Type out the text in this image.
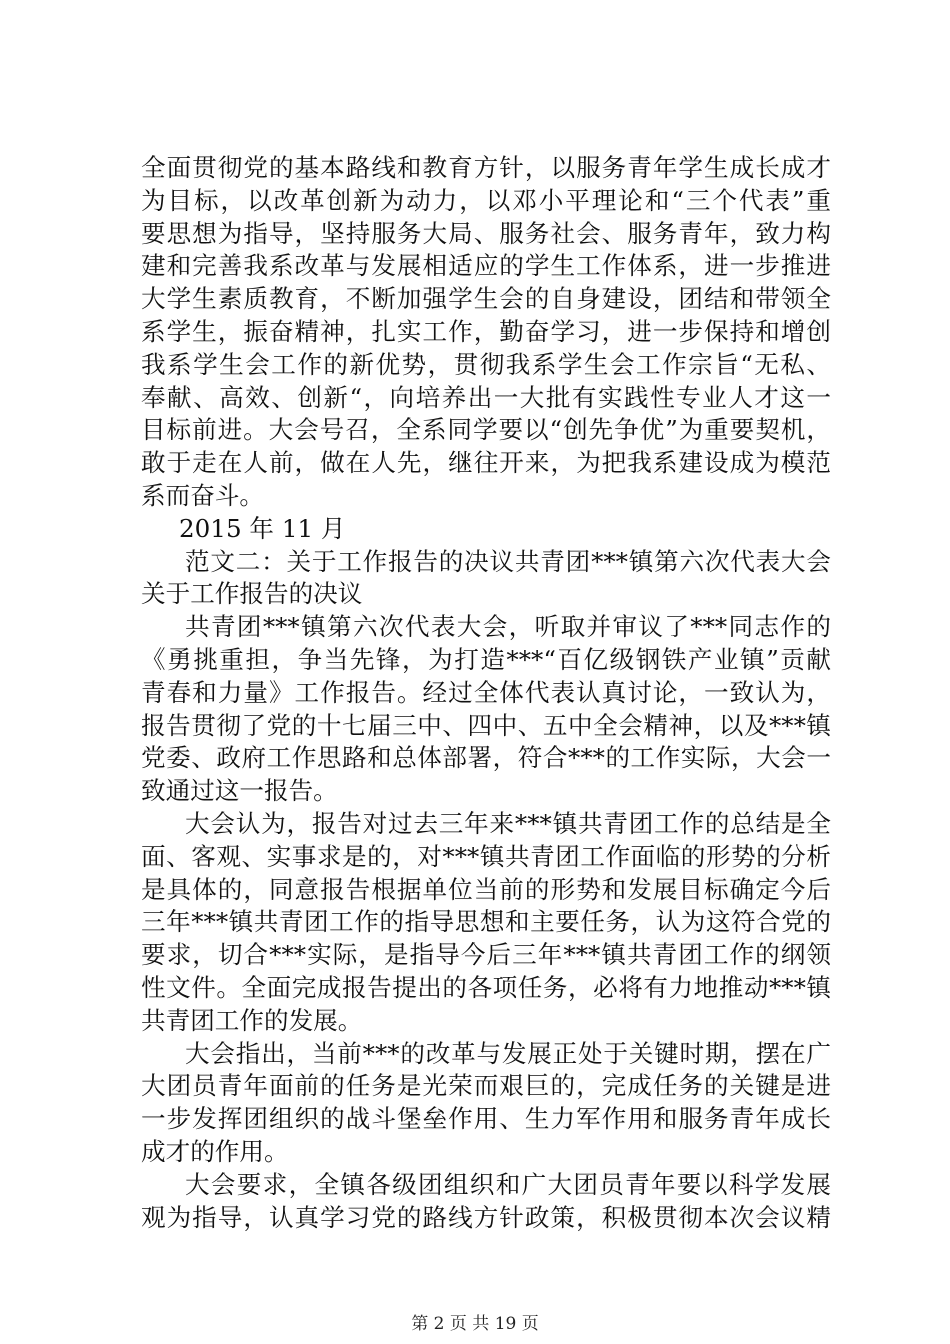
全面贯彻党的基本路线和教育方针，以服务青年学生成长成才
为目标，以改革创新为动力，以邓小平理论和“三个代表”重
要思想为指导，坚持服务大局、服务社会、服务青年，致力构
建和完善我系改革与发展相适应的学生工作体系，进一步推进
大学生素质教育，不断加强学生会的自身建设，团结和带领全
系学生，振奋精神，扎实工作，勤奋学习，进一步保持和增创
我系学生会工作的新优势，贯彻我系学生会工作宗旨“无私、
奉献、高效、创新“，向培养出一大批有实践性专业人才这一
目标前进。大会号召，全系同学要以“创先争优”为重要契机，
敢于走在人前，做在人先，继往开来，为把我系建设成为模范
系而奋斗。
2015 年 11 月
范文二：关于工作报告的决议共青团***镇第六次代表大会
关于工作报告的决议
共青团***镇第六次代表大会，听取并审议了***同志作的
《勇挑重担，争当先锋，为打造***“百亿级钢铁产业镇”贡献
青春和力量》工作报告。经过全体代表认真讨论，一致认为，
报告贯彻了党的十七届三中、四中、五中全会精神，以及***镇
党委、政府工作思路和总体部署，符合***的工作实际，大会一
致通过这一报告。
大会认为，报告对过去三年来***镇共青团工作的总结是全
面、客观、实事求是的，对***镇共青团工作面临的形势的分析
是具体的，同意报告根据单位当前的形势和发展目标确定今后
三年***镇共青团工作的指导思想和主要任务，认为这符合党的
要求，切合***实际，是指导今后三年***镇共青团工作的纲领
性文件。全面完成报告提出的各项任务，必将有力地推动***镇
共青团工作的发展。
大会指出，当前***的改革与发展正处于关键时期，摆在广
大团员青年面前的任务是光荣而艰巨的，完成任务的关键是进
一步发挥团组织的战斗堡垒作用、生力军作用和服务青年成长
成才的作用。
大会要求，全镇各级团组织和广大团员青年要以科学发展
观为指导，认真学习党的路线方针政策，积极贯彻本次会议精
第 2 页 共 19 页
